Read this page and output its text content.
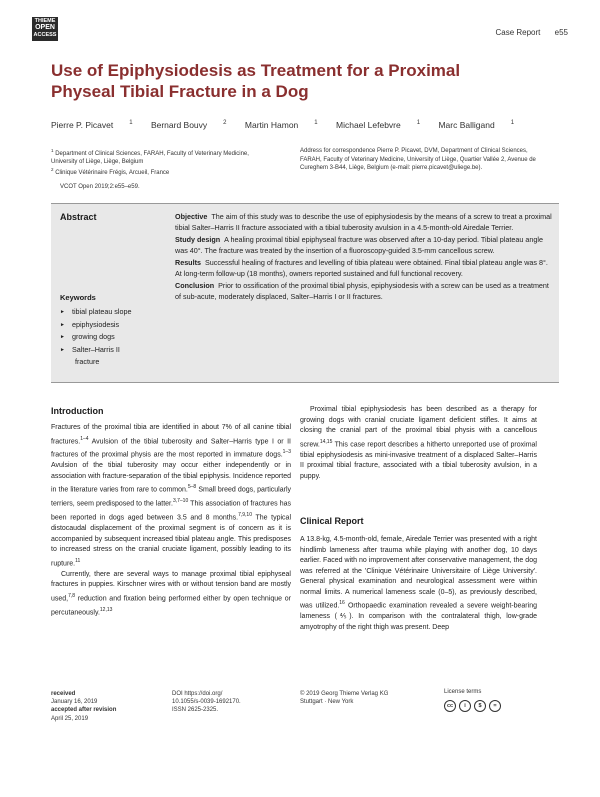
THIEME
OPEN
ACCESS	Case Report e55
Use of Epiphysiodesis as Treatment for a Proximal Physeal Tibial Fracture in a Dog
Pierre P. Picavet	$^1$ Bernard Bouvy	$^2$ Martin Hamon	$^1$ Michael Lefebvre	$^1$ Marc Balligand	$^1$

$^1$ Department of Clinical Sciences, FARAH, Faculty of Veterinary Medicine, University of Liège, Liège, Belgium

$^2$ Clinique Vétérinaire Frégis, Arcueil, France

Address for correspondence Pierre P. Picavet, DVM, Department of Clinical Sciences, FARAH, Faculty of Veterinary Medicine, University of Liège, Quartier Vallée 2, Avenue de Cureghem 3-B44, Liège, Belgium (e-mail: pierre.picavet@uliege.be).
VCOT Open 2019;2:e55–e59.
Abstract	Objective The aim of this study was to describe the use of epiphysiodesis by the means of a screw to treat a proximal tibial Salter–Harris II fracture associated with a tibial tuberosity avulsion in a 4.5-month-old Airedale Terrier.

Study design A healing proximal tibial epiphyseal fracture was observed after a 10-day period. Tibial plateau angle was 40°. The fracture was treated by the insertion of a fluoroscopy-guided 3.5-mm cancellous screw.

Results Successful healing of fractures and levelling of tibia plateau were obtained. Final tibial plateau angle was 8°. At long-term follow-up (18 months), owners reported sustained and full functional recovery.

Conclusion Prior to ossification of the proximal tibial physis, epiphysiodesis with a screw can be used as a treatment of sub-acute, moderately displaced, Salter–Harris I or II fractures.

Keywords
► tibial plateau slope
► epiphysiodesis
► growing dogs
► Salter–Harris II
fracture
Introduction

Fractures of the proximal tibia are identified in about 7% of all canine tibial fractures.$^{1-4}$ Avulsion of the tibial tuberosity and Salter–Harris type I or II fractures of the proximal physis are the most reported in immature dogs.$^{1-3}$ Avulsion of the tibial tuberosity may occur either independently or in association with fracture-separation of the tibial epiphysis. Incidence reported in the literature varies from rare to common.$^{5-8}$ Small breed dogs, particularly terriers, seem predisposed to the latter.$^{3,7-10}$ This association of fractures has been reported in dogs aged between 3.5 and 8 months.$^{7,9,10}$ The typical distocaudal displacement of the proximal segment is of concern as it is accompanied by subsequent increased tibial plateau angle. This predisposes to increased stress on the cranial cruciate ligament, possibly leading to its rupture.$^{11}$

Currently, there are several ways to manage proximal tibial epiphyseal fractures in puppies. Kirschner wires with or without tension band are mostly used,$^{7,8}$ reduction and fixation being performed either by open technique or percutaneously.$^{12,13}$

Proximal tibial epiphysiodesis has been described as a therapy for growing dogs with cranial cruciate ligament deficient stifles. It aims at closing the cranial part of the proximal tibial physis with a cancellous screw.$^{14,15}$ This case report describes a hitherto unreported use of proximal tibial epiphysiodesis as mini-invasive treatment of a displaced Salter–Harris II proximal tibial fracture, associated with a tibial tuberosity avulsion, in a puppy.

Clinical Report

A 13.8-kg, 4.5-month-old, female, Airedale Terrier was presented with a right hindlimb lameness after trauma while playing with another dog, 10 days earlier. Faced with no improvement after conservative management, the dog was referred at the 'Clinique Vétérinaire Universitaire of Liège University'. General physical examination and neurological assessment were within normal limits. A numerical lameness scale (0–5), as previously described, was utilized.$^{16}$ Orthopaedic examination revealed a severe weight-bearing lameness (⅘). In comparison with the contralateral thigh, low-grade amyotrophy of the right thigh was present. Deep

received
January 16, 2019
accepted after revision
April 25, 2019
DOI https://doi.org/
10.1055/s-0039-1692170.
ISSN 2625-2325.
© 2019 Georg Thieme Verlag KG
Stuttgart · New York
License terms
cc	i	$	=
